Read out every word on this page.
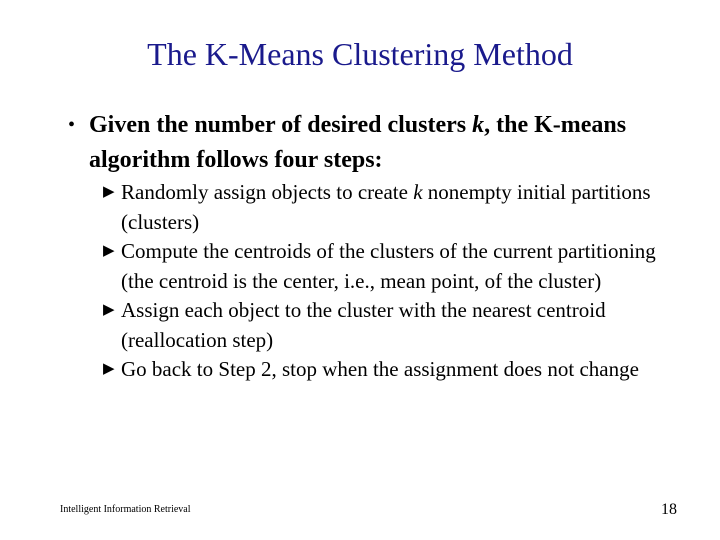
The K-Means Clustering Method
• Given the number of desired clusters k, the K-means algorithm follows four steps:
▶ Randomly assign objects to create k nonempty initial partitions (clusters)
▶ Compute the centroids of the clusters of the current partitioning (the centroid is the center, i.e., mean point, of the cluster)
▶ Assign each object to the cluster with the nearest centroid (reallocation step)
▶ Go back to Step 2, stop when the assignment does not change
Intelligent Information Retrieval	18
